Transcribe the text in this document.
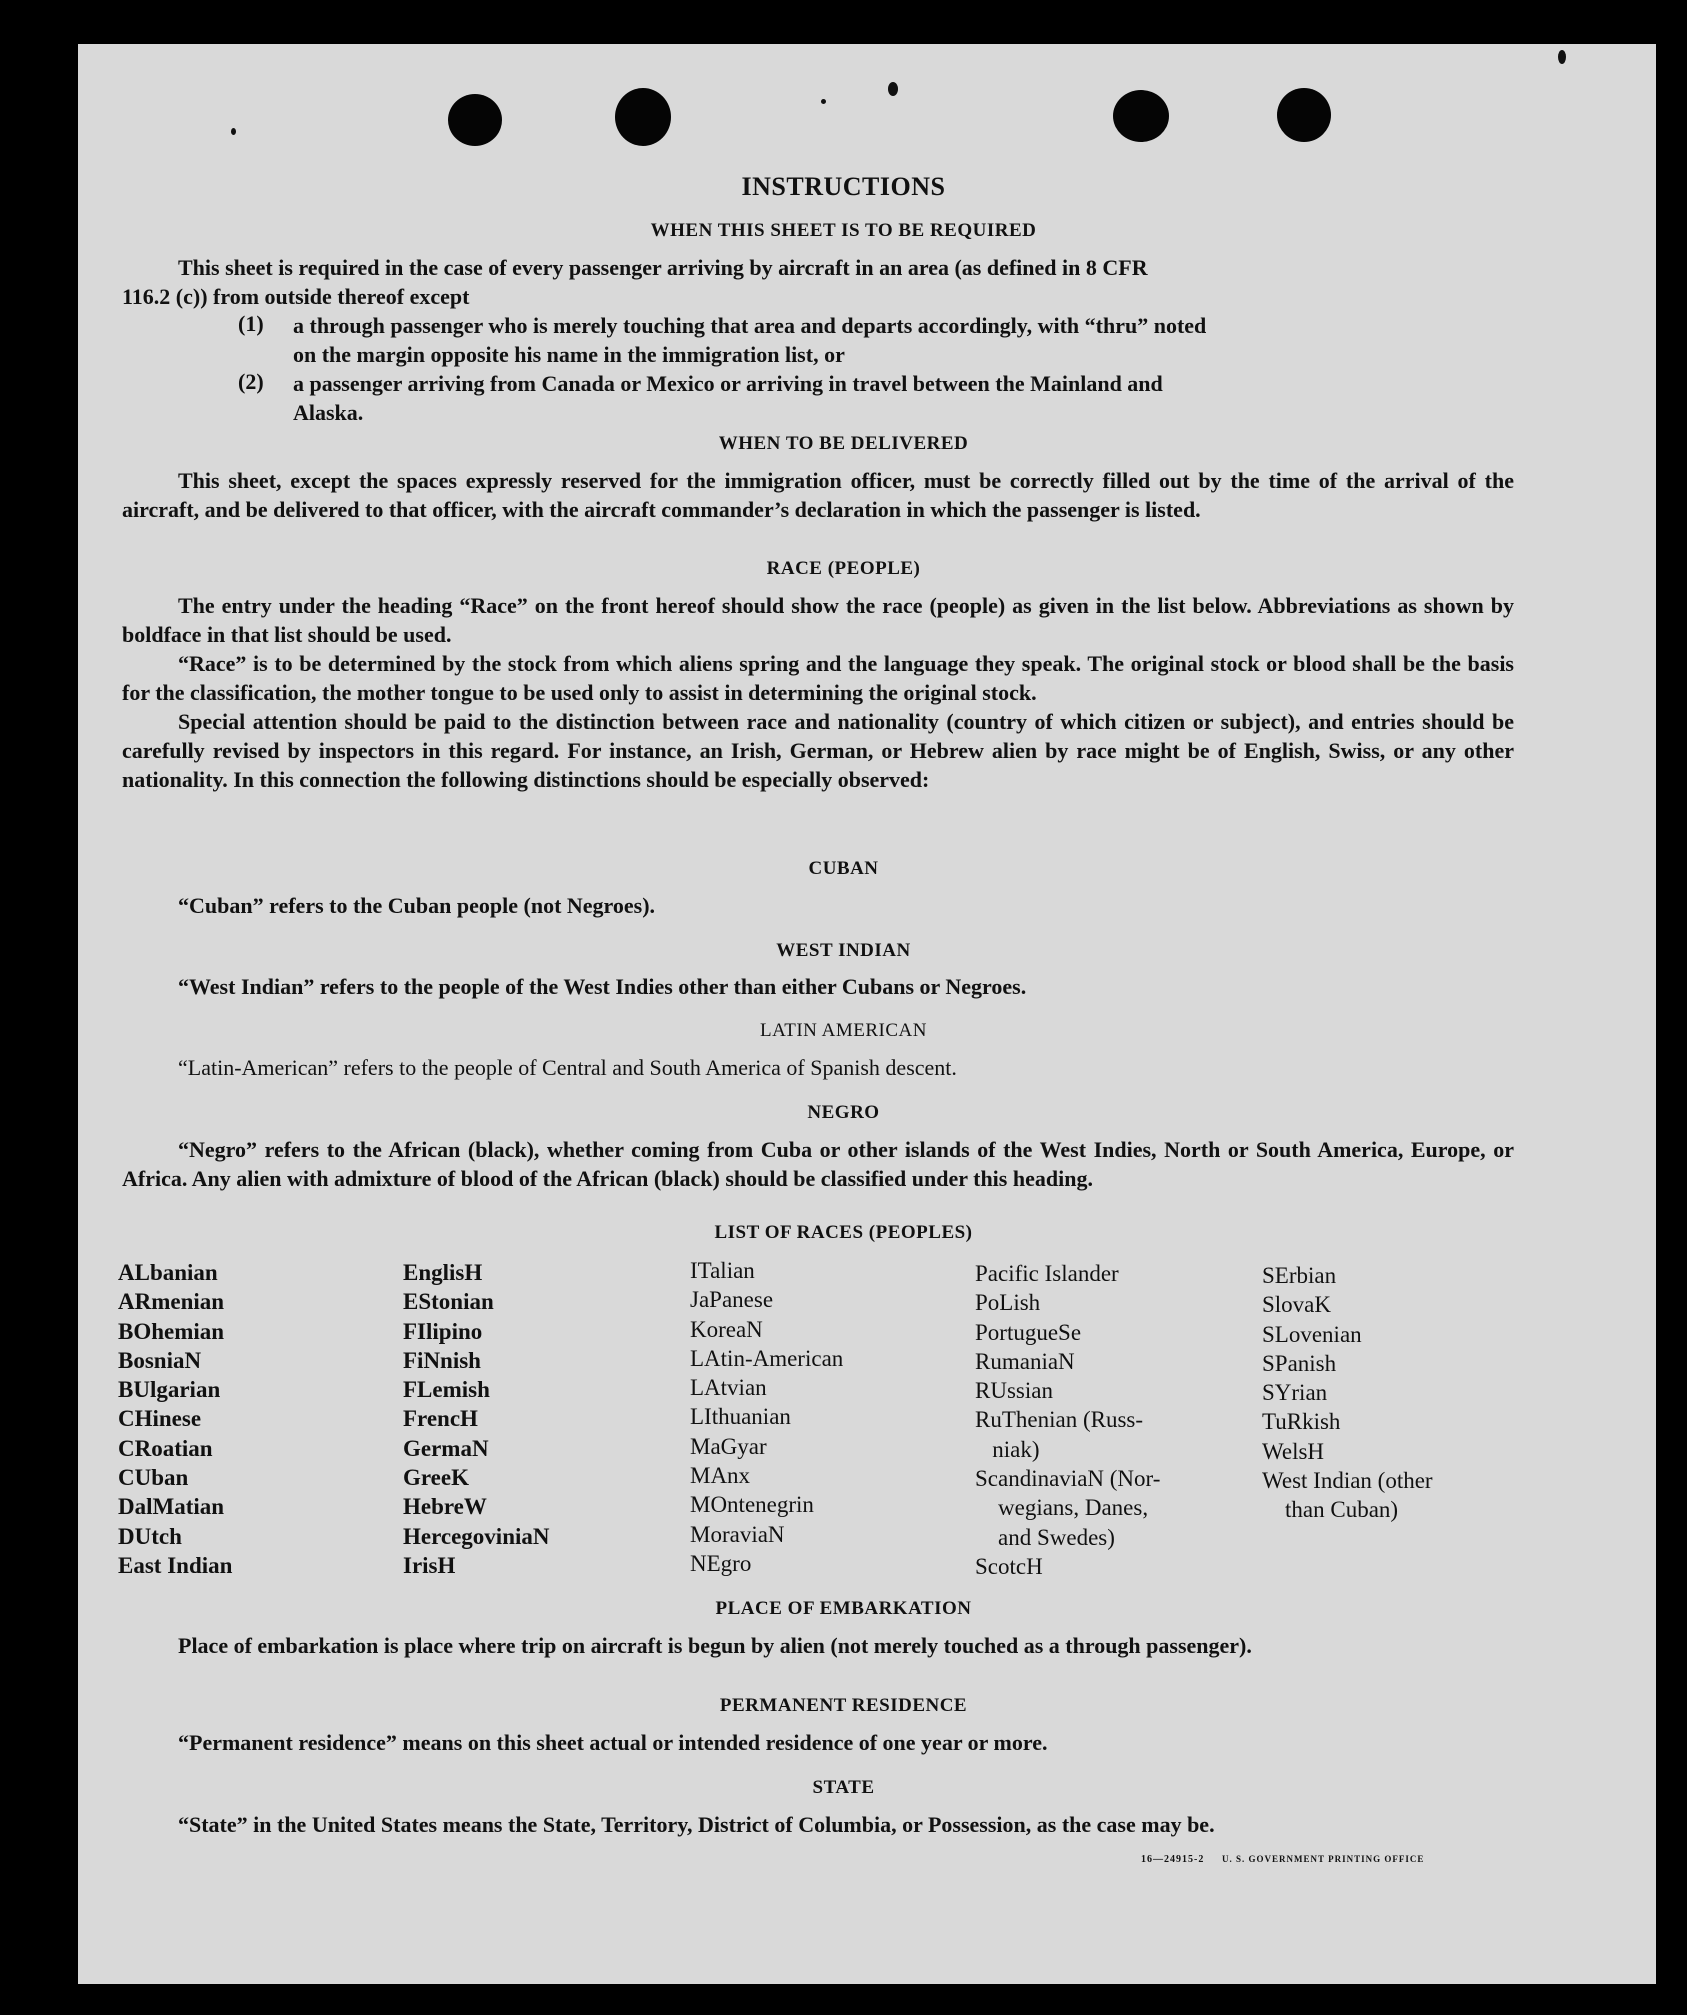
INSTRUCTIONS
WHEN THIS SHEET IS TO BE REQUIRED

This sheet is required in the case of every passenger arriving by aircraft in an area (as defined in 8 CFR

116.2 (c)) from outside thereof except

(1) a through passenger who is merely touching that area and departs accordingly, with “thru” noted

on the margin opposite his name in the immigration list, or

(2) a passenger arriving from Canada or Mexico or arriving in travel between the Mainland and

Alaska.

WHEN TO BE DELIVERED

This sheet, except the spaces expressly reserved for the immigration officer, must be correctly filled out by the time of the arrival of the aircraft, and be delivered to that officer, with the aircraft commander’s declaration in which the passenger is listed.

RACE (PEOPLE)

The entry under the heading “Race” on the front hereof should show the race (people) as given in the list below. Abbreviations as shown by boldface in that list should be used.

“Race” is to be determined by the stock from which aliens spring and the language they speak. The original stock or blood shall be the basis for the classification, the mother tongue to be used only to assist in determining the original stock.

Special attention should be paid to the distinction between race and nationality (country of which citizen or subject), and entries should be carefully revised by inspectors in this regard. For instance, an Irish, German, or Hebrew alien by race might be of English, Swiss, or any other nationality. In this connection the following distinctions should be especially observed:

CUBAN

“Cuban” refers to the Cuban people (not Negroes).

WEST INDIAN

“West Indian” refers to the people of the West Indies other than either Cubans or Negroes.

LATIN AMERICAN

“Latin-American” refers to the people of Central and South America of Spanish descent.

NEGRO

“Negro” refers to the African (black), whether coming from Cuba or other islands of the West Indies, North or South America, Europe, or Africa. Any alien with admixture of blood of the African (black) should be classified under this heading.

LIST OF RACES (PEOPLES)
ALbanian
ARmenian
BOhemian
BosniaN
BUlgarian
CHinese
CRoatian
CUban
DalMatian
DUtch
East Indian
EnglisH
EStonian
FIlipino
FiNnish
FLemish
FrencH
GermaN
GreeK
HebreW
HercegoviniaN
IrisH
ITalian
JaPanese
KoreaN
LAtin-American
LAtvian
LIthuanian
MaGyar
MAnx
MOntenegrin
MoraviaN
NEgro
Pacific Islander
PoLish
PortugueSe
RumaniaN
RUssian
RuThenian (Russ-
niak)
ScandinaviaN (Nor-
wegians, Danes,
and Swedes)
ScotcH
SErbian
SlovaK
SLovenian
SPanish
SYrian
TuRkish
WelsH
West Indian (other
than Cuban)
PLACE OF EMBARKATION

Place of embarkation is place where trip on aircraft is begun by alien (not merely touched as a through passenger).

PERMANENT RESIDENCE

“Permanent residence” means on this sheet actual or intended residence of one year or more.

STATE

“State” in the United States means the State, Territory, District of Columbia, or Possession, as the case may be.

16—24915-2 U. S. GOVERNMENT PRINTING OFFICE
